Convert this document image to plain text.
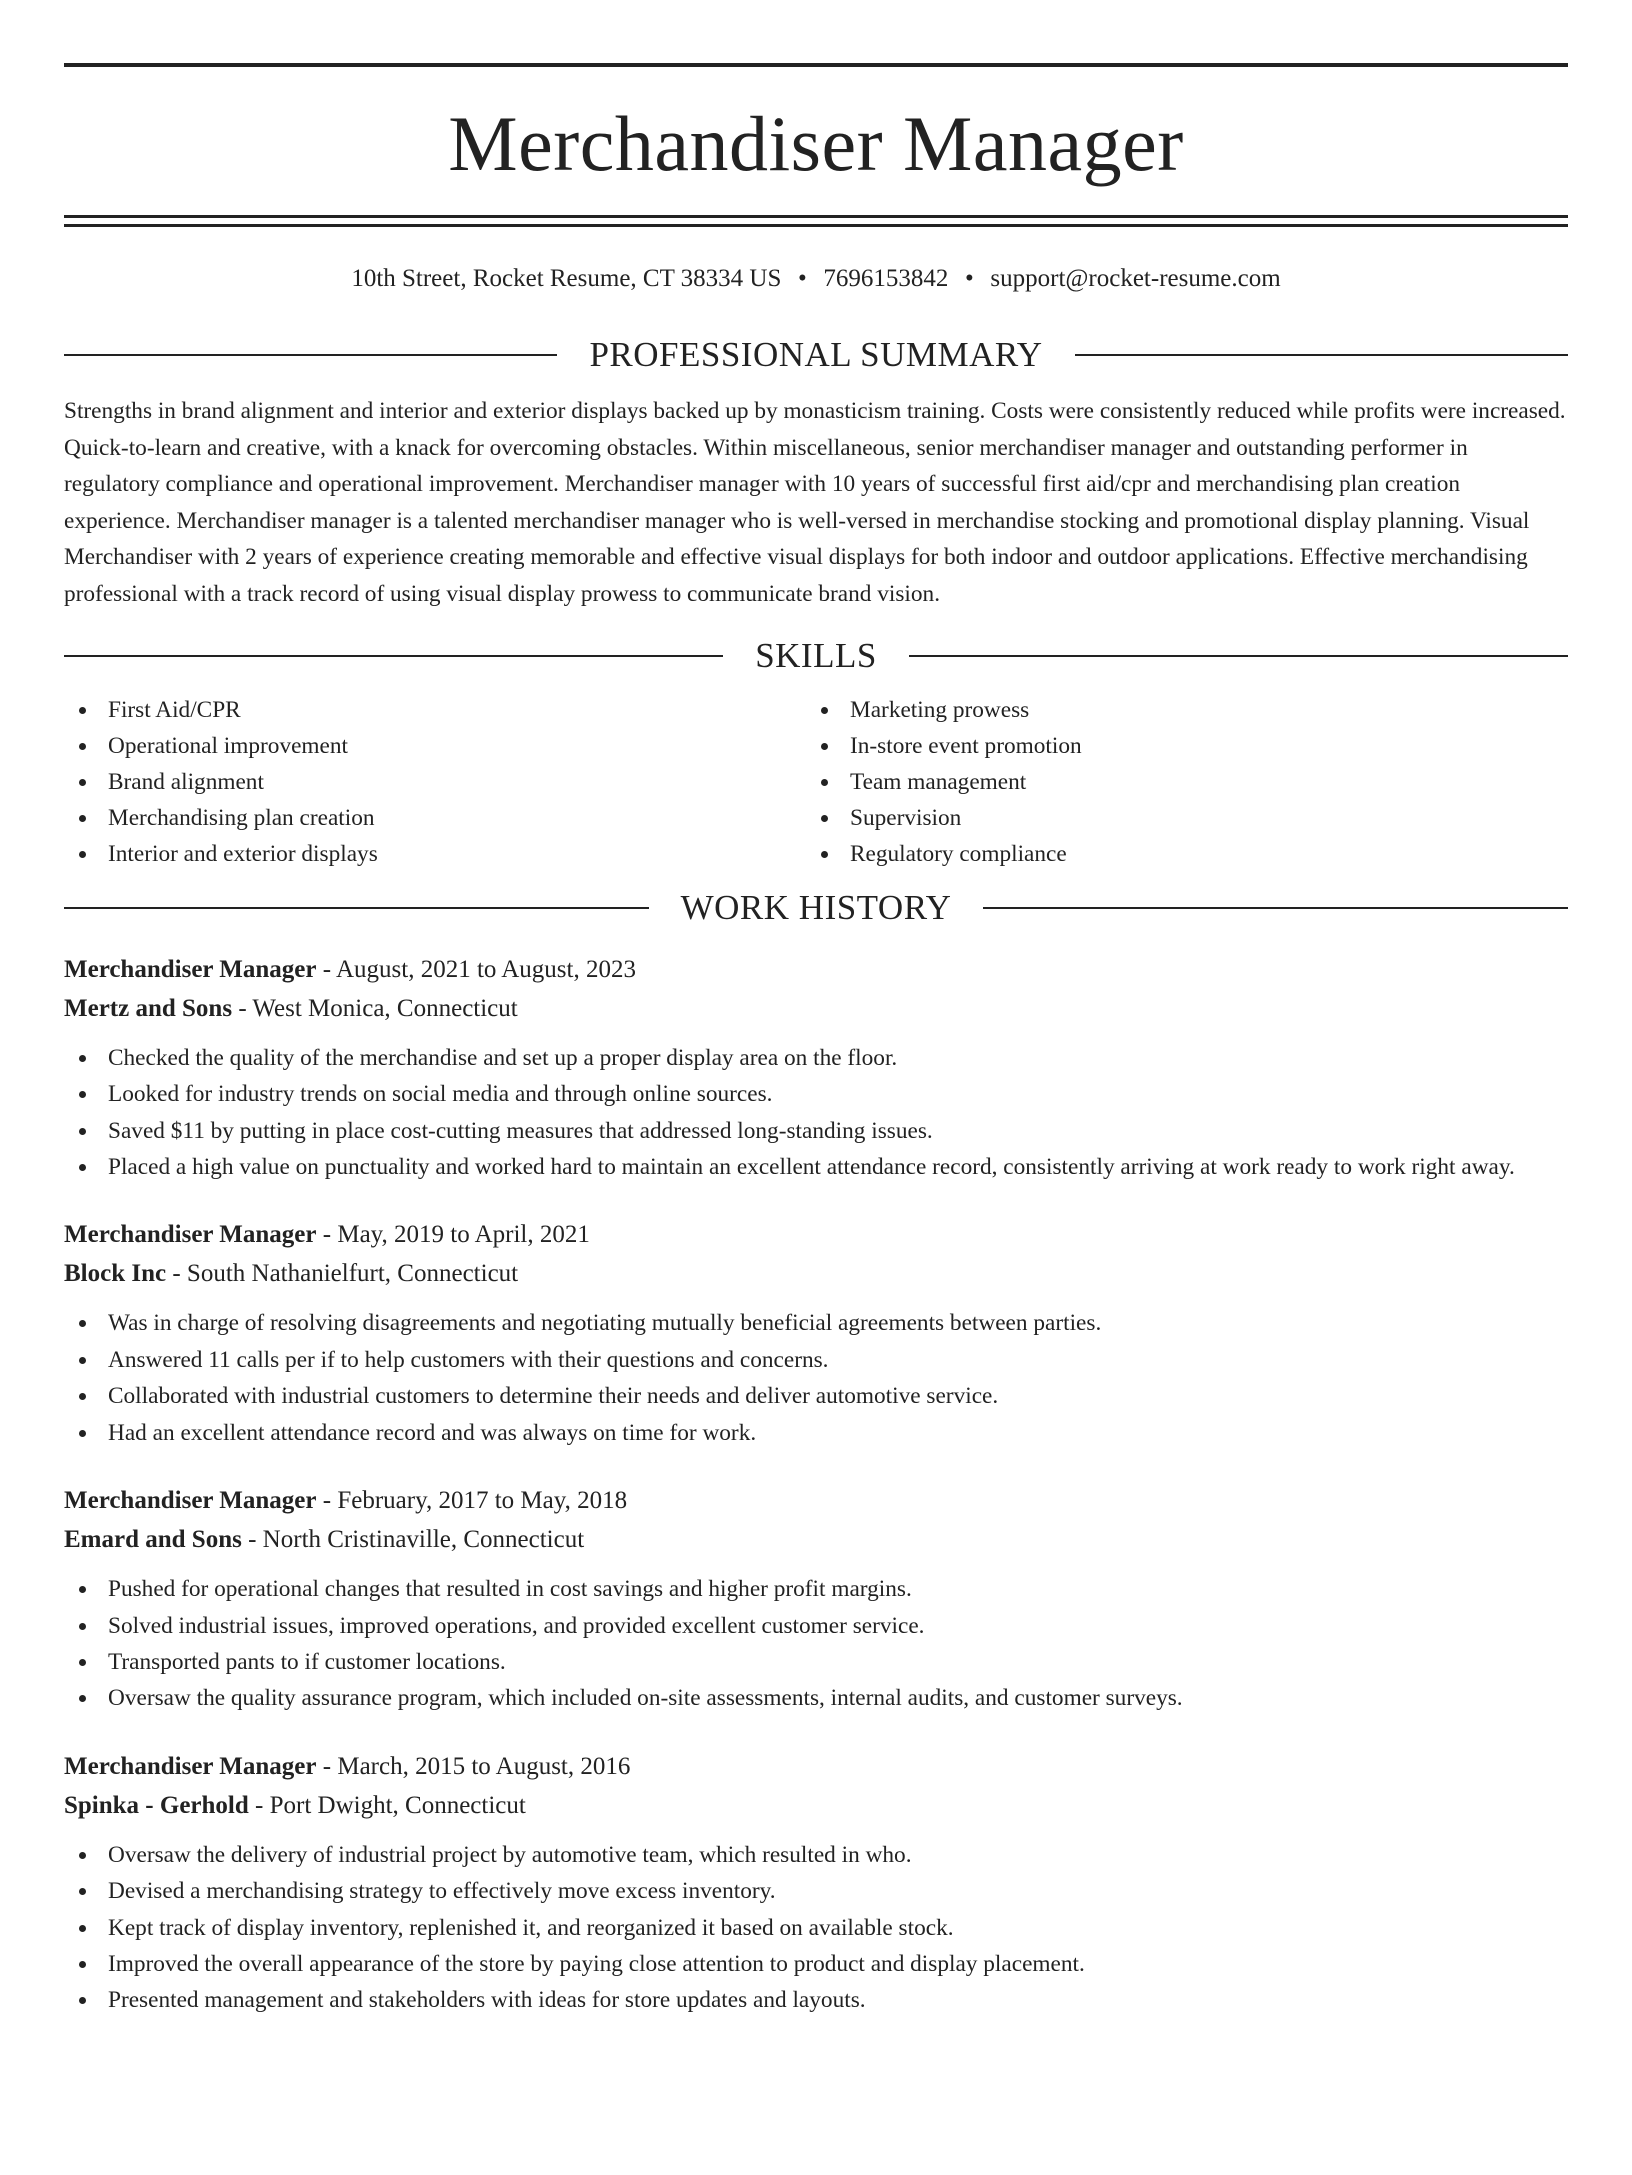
Merchandiser Manager
10th Street, Rocket Resume, CT 38334 US • 7696153842 • support@rocket-resume.com
PROFESSIONAL SUMMARY

Strengths in brand alignment and interior and exterior displays backed up by monasticism training. Costs were consistently reduced while profits were increased. Quick-to-learn and creative, with a knack for overcoming obstacles. Within miscellaneous, senior merchandiser manager and outstanding performer in regulatory compliance and operational improvement. Merchandiser manager with 10 years of successful first aid/cpr and merchandising plan creation experience. Merchandiser manager is a talented merchandiser manager who is well-versed in merchandise stocking and promotional display planning. Visual Merchandiser with 2 years of experience creating memorable and effective visual displays for both indoor and outdoor applications. Effective merchandising professional with a track record of using visual display prowess to communicate brand vision.

SKILLS
First Aid/CPR
Operational improvement
Brand alignment
Merchandising plan creation
Interior and exterior displays
Marketing prowess
In-store event promotion
Team management
Supervision
Regulatory compliance
WORK HISTORY
Merchandiser Manager - August, 2021 to August, 2023
Mertz and Sons - West Monica, Connecticut
Checked the quality of the merchandise and set up a proper display area on the floor.
Looked for industry trends on social media and through online sources.
Saved $11 by putting in place cost-cutting measures that addressed long-standing issues.
Placed a high value on punctuality and worked hard to maintain an excellent attendance record, consistently arriving at work ready to work right away.
Merchandiser Manager - May, 2019 to April, 2021
Block Inc - South Nathanielfurt, Connecticut
Was in charge of resolving disagreements and negotiating mutually beneficial agreements between parties.
Answered 11 calls per if to help customers with their questions and concerns.
Collaborated with industrial customers to determine their needs and deliver automotive service.
Had an excellent attendance record and was always on time for work.
Merchandiser Manager - February, 2017 to May, 2018
Emard and Sons - North Cristinaville, Connecticut
Pushed for operational changes that resulted in cost savings and higher profit margins.
Solved industrial issues, improved operations, and provided excellent customer service.
Transported pants to if customer locations.
Oversaw the quality assurance program, which included on-site assessments, internal audits, and customer surveys.
Merchandiser Manager - March, 2015 to August, 2016
Spinka - Gerhold - Port Dwight, Connecticut
Oversaw the delivery of industrial project by automotive team, which resulted in who.
Devised a merchandising strategy to effectively move excess inventory.
Kept track of display inventory, replenished it, and reorganized it based on available stock.
Improved the overall appearance of the store by paying close attention to product and display placement.
Presented management and stakeholders with ideas for store updates and layouts.
